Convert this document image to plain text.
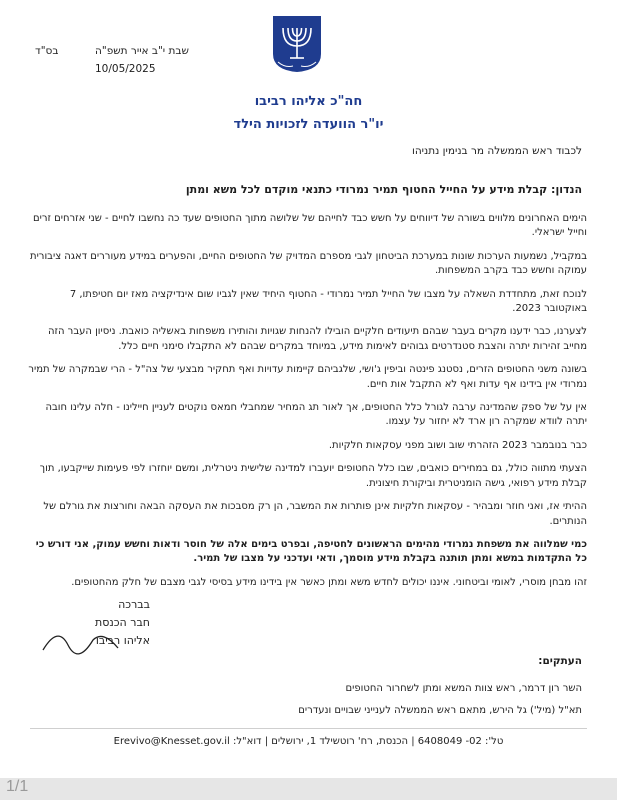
בס"ד	שבת י"ב אייר תשפ"ה
10/05/2025
חה"כ אליהו רביבו
יו"ר הוועדה לזכויות הילד
לכבוד ראש הממשלה מר בנימין נתניהו
הנדון: קבלת מידע על החייל החטוף תמיר נמרודי כתנאי מוקדם לכל משא ומתן

הימים האחרונים מלווים בשורה של דיווחים על חשש כבד לחייהם של שלושה מתוך החטופים שעד כה נחשבו לחיים - שני אזרחים זרים וחייל ישראלי.

במקביל, נשמעות הערכות שונות במערכת הביטחון לגבי מספרם המדויק של החטופים החיים, והפערים במידע מעוררים דאגה ציבורית עמוקה וחשש כבד בקרב המשפחות.

לנוכח זאת, מתחדדת השאלה על מצבו של החייל תמיר נמרודי - החטוף היחיד שאין לגביו שום אינדיקציה מאז יום חטיפתו, 7 באוקטובר 2023.

לצערנו, כבר ידענו מקרים בעבר שבהם תיעודים חלקיים הובילו להנחות שגויות והותירו משפחות באשליה כואבת. ניסיון העבר הזה מחייב זהירות יתרה והצבת סטנדרטים גבוהים לאימות מידע, במיוחד במקרים שבהם לא התקבלו סימני חיים כלל.

בשונה משני החטופים הזרים, נסטנג פינטה וביפין ג'ושי, שלגביהם קיימות עדויות ואף תחקיר מבצעי של צה"ל - הרי שבמקרה של תמיר נמרודי אין בידינו אף עדות ואף לא התקבל אות חיים.

אין על של ספק שהמדינה ערבה לגורל כלל החטופים, אך לאור תג המחיר שמחבלי חמאס נוקטים לעניין חיילינו - חלה עלינו חובה יתרה לוודא שמקרה רון ארד לא יחזור על עצמו.

כבר בנובמבר 2023 הזהרתי שוב ושוב מפני עסקאות חלקיות.

הצעתי מתווה כולל, גם במחירים כואבים, שבו כלל החטופים יועברו למדינה שלישית ניטרלית, ומשם יוחזרו לפי פעימות שייקבעו, תוך קבלת מידע רפואי, גישה הומניטרית וביקורת חיצונית.

ההיתי אז, ואני חוזר ומבהיר - עסקאות חלקיות אינן פותרות את המשבר, הן רק מסבכות את העסקה הבאה וחורצות את גורלם של הנותרים.

כמי שמלווה את משפחת נמרודי מהימים הראשונים לחטיפה, ובפרט בימים אלה של חוסר ודאות וחשש עמוק, אני דורש כי כל התקדמות במשא ומתן תותנה בקבלת מידע מוסמך, ודאי ועדכני על מצבו של תמיר.

זהו מבחן מוסרי, לאומי וביטחוני. איננו יכולים לחדש משא ומתן כאשר אין בידינו מידע בסיסי לגבי מצבם של חלק מהחטופים.

בברכה
חבר הכנסת
אליהו רביבו
העתקים:
השר רון דרמר, ראש צוות המשא ומתן לשחרור החטופים
תא"ל (מיל') גל הירש, מתאם ראש הממשלה לענייני שבויים ונעדרים
טל': 02- 6408049 | הכנסת, רח' רוטשילד 1, ירושלים | דוא"ל: Erevivo@Knesset.gov.il
1/1
